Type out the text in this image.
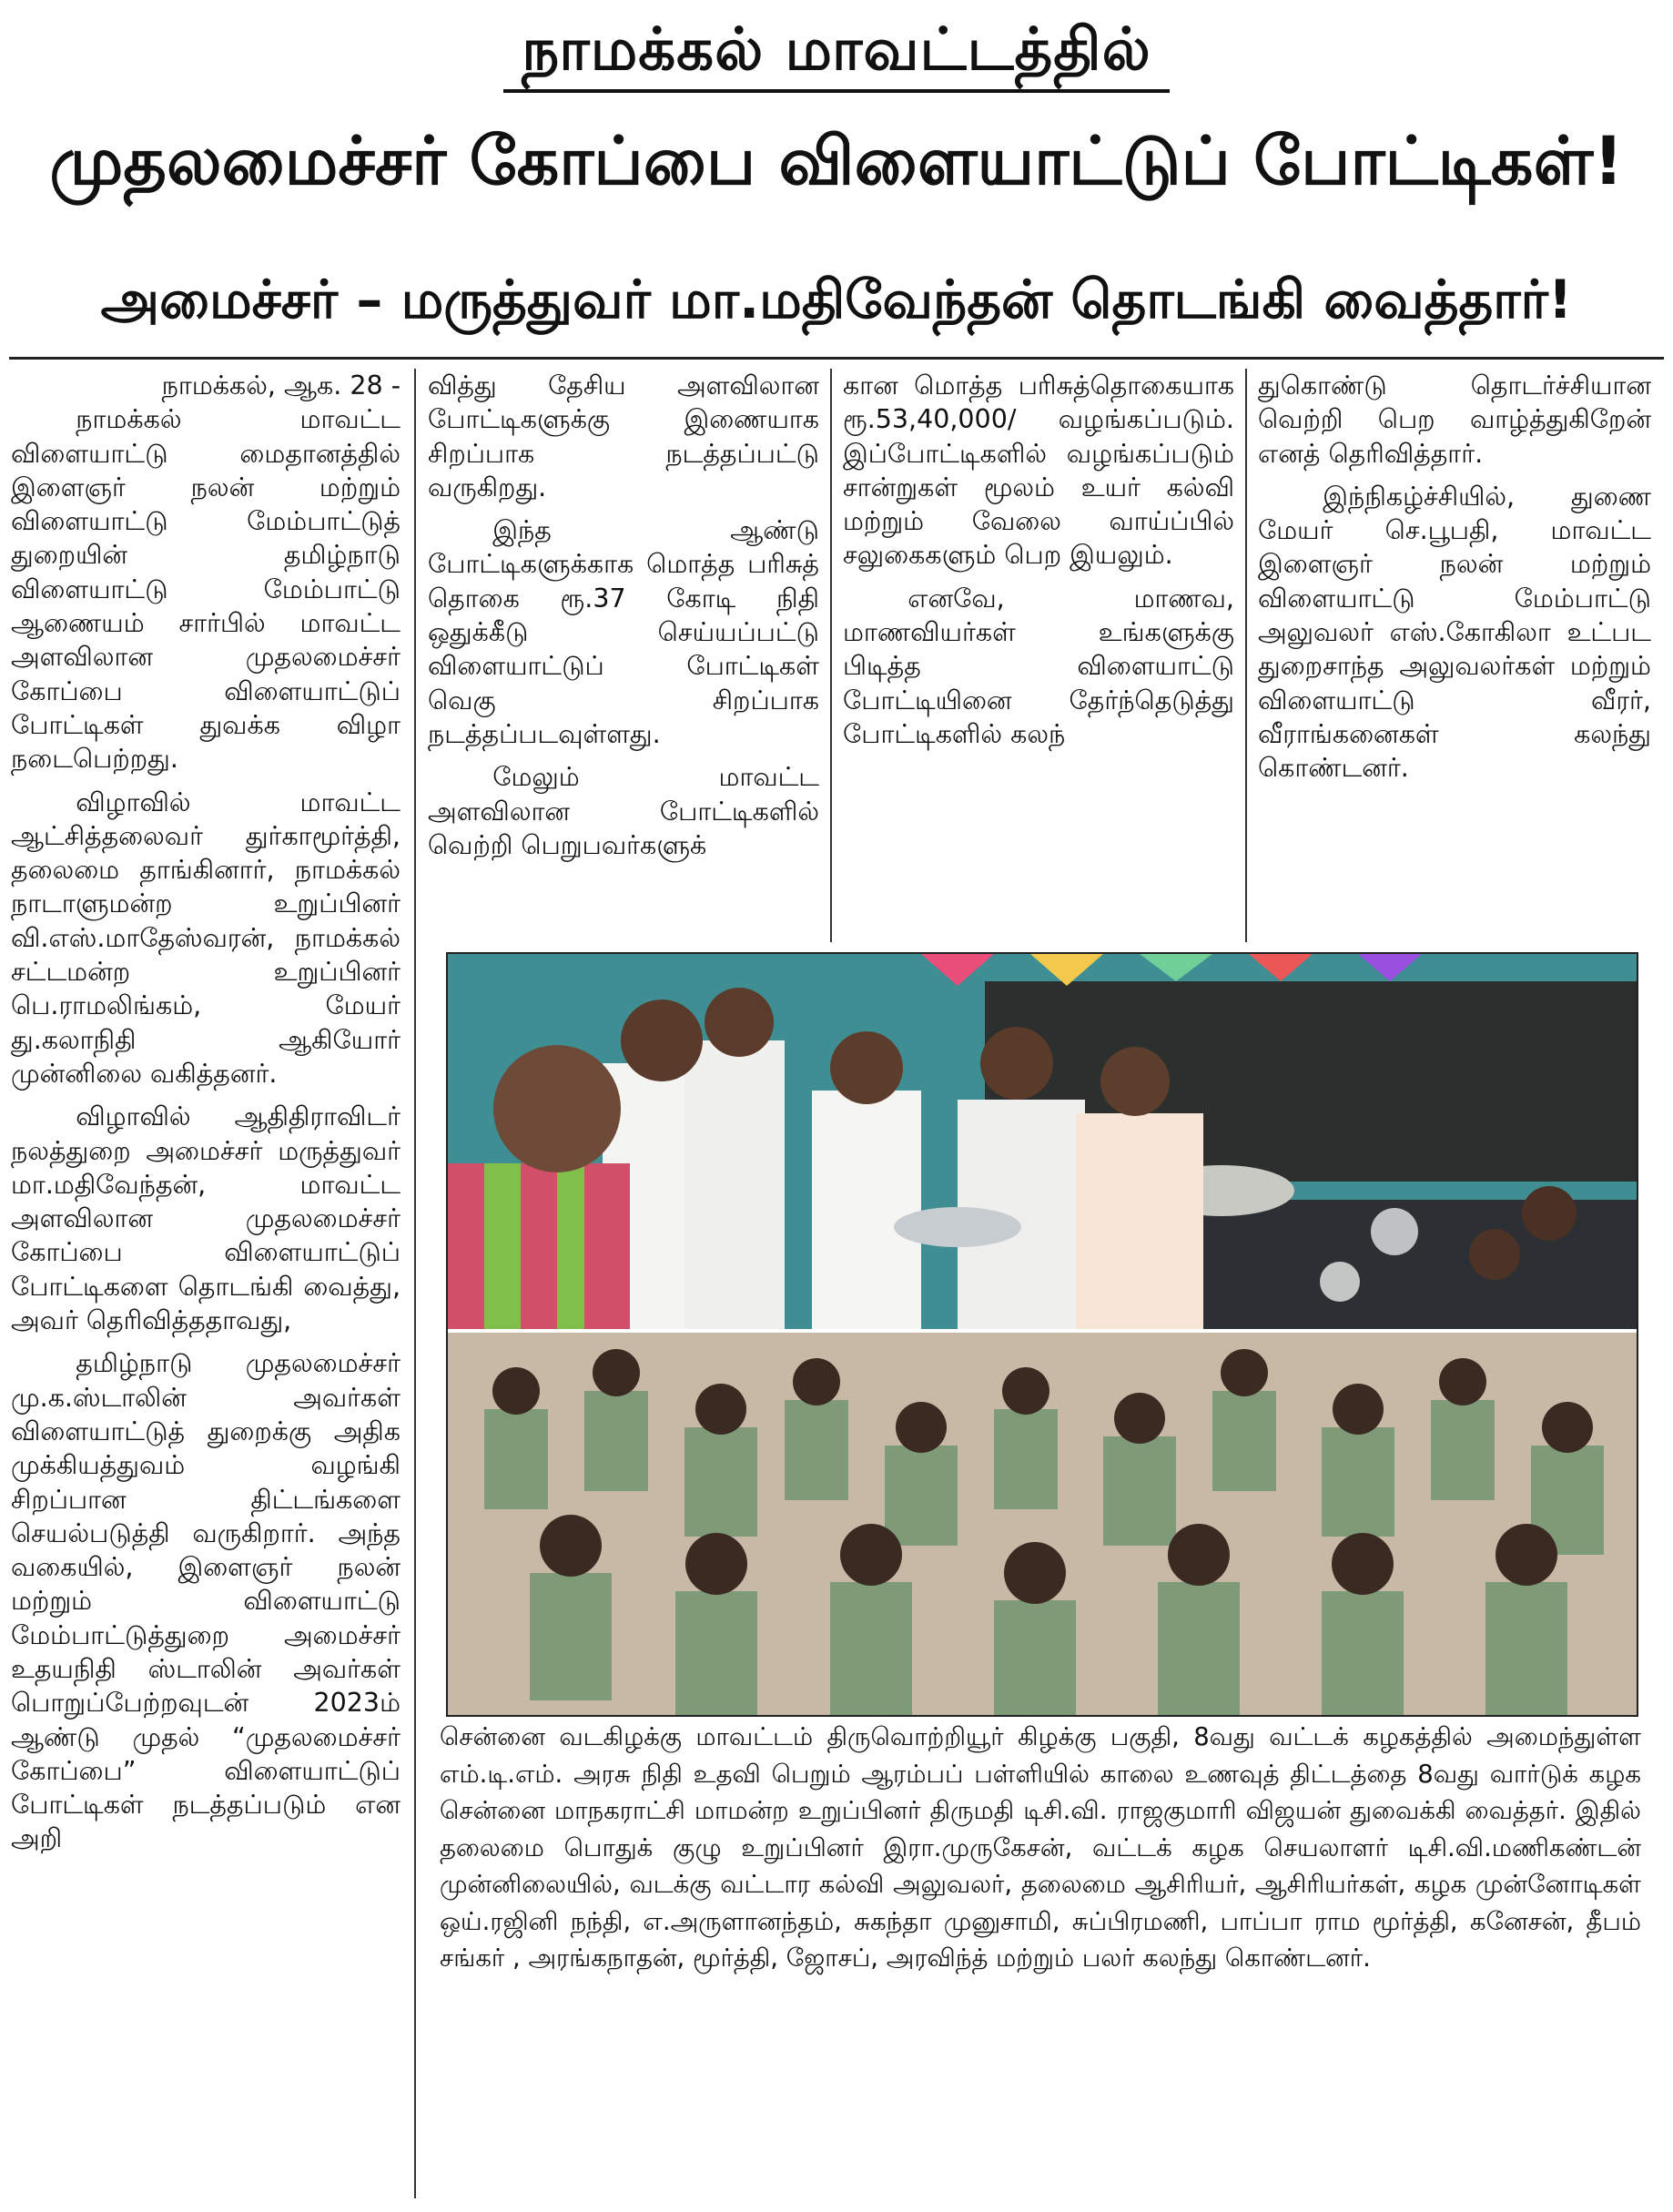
நாமக்கல் மாவட்டத்தில்
முதலமைச்சர் கோப்பை விளையாட்டுப் போட்டிகள்!
அமைச்சர் – மருத்துவர் மா.மதிவேந்தன் தொடங்கி வைத்தார்!
நாமக்கல், ஆக. 28 -

நாமக்கல் மாவட்ட விளையாட்டு மைதானத்தில் இளைஞர் நலன் மற்றும் விளையாட்டு மேம்பாட்டுத் துறையின் தமிழ்நாடு விளையாட்டு மேம்பாட்டு ஆணையம் சார்பில் மாவட்ட அளவிலான முதலமைச்சர் கோப்பை விளையாட்டுப் போட்டிகள் துவக்க விழா நடைபெற்றது.

விழாவில் மாவட்ட ஆட்சித்தலைவர் துர்காமூர்த்தி, தலைமை தாங்கினார், நாமக்கல் நாடாளுமன்ற உறுப்பினர் வி.எஸ்.மாதேஸ்வரன், நாமக்கல் சட்டமன்ற உறுப்பினர் பெ.ராமலிங்கம், மேயர் து.கலாநிதி ஆகியோர் முன்னிலை வகித்தனர்.

விழாவில் ஆதிதிராவிடர் நலத்துறை அமைச்சர் மருத்துவர் மா.மதிவேந்தன், மாவட்ட அளவிலான முதலமைச்சர் கோப்பை விளையாட்டுப் போட்டிகளை தொடங்கி வைத்து, அவர் தெரிவித்ததாவது,

தமிழ்நாடு முதலமைச்சர் மு.க.ஸ்டாலின் அவர்கள் விளையாட்டுத் துறைக்கு அதிக முக்கியத்துவம் வழங்கி சிறப்பான திட்டங்களை செயல்படுத்தி வருகிறார். அந்த வகையில், இளைஞர் நலன் மற்றும் விளையாட்டு மேம்பாட்டுத்துறை அமைச்சர் உதயநிதி ஸ்டாலின் அவர்கள் பொறுப்பேற்றவுடன் 2023ம் ஆண்டு முதல் “முதலமைச்சர் கோப்பை” விளையாட்டுப் போட்டிகள் நடத்தப்படும் என அறி

வித்து தேசிய அளவிலான போட்டிகளுக்கு இணையாக சிறப்பாக நடத்தப்பட்டு வருகிறது.

இந்த ஆண்டு போட்டிகளுக்காக மொத்த பரிசுத் தொகை ரூ.37 கோடி நிதி ஒதுக்கீடு செய்யப்பட்டு விளையாட்டுப் போட்டிகள் வெகு சிறப்பாக நடத்தப்படவுள்ளது.

மேலும் மாவட்ட அளவிலான போட்டிகளில் வெற்றி பெறுபவர்களுக்

கான மொத்த பரிசுத்தொகையாக ரூ.53,40,000/ வழங்கப்படும். இப்போட்டிகளில் வழங்கப்படும் சான்றுகள் மூலம் உயர் கல்வி மற்றும் வேலை வாய்ப்பில் சலுகைகளும் பெற இயலும்.

எனவே, மாணவ, மாணவியர்கள் உங்களுக்கு பிடித்த விளையாட்டு போட்டியினை தேர்ந்தெடுத்து போட்டிகளில் கலந்

துகொண்டு தொடர்ச்சியான வெற்றி பெற வாழ்த்துகிறேன் எனத் தெரிவித்தார்.

இந்நிகழ்ச்சியில், துணை மேயர் செ.பூபதி, மாவட்ட இளைஞர் நலன் மற்றும் விளையாட்டு மேம்பாட்டு அலுவலர் எஸ்.கோகிலா உட்பட துறைசாந்த அலுவலர்கள் மற்றும் விளையாட்டு வீரர், வீராங்கனைகள் கலந்து கொண்டனர்.

சென்னை வடகிழக்கு மாவட்டம் திருவொற்றியூர் கிழக்கு பகுதி, 8வது வட்டக் கழகத்தில் அமைந்துள்ள எம்.டி.எம். அரசு நிதி உதவி பெறும் ஆரம்பப் பள்ளியில் காலை உணவுத் திட்டத்தை 8வது வார்டுக் கழக சென்னை மாநகராட்சி மாமன்ற உறுப்பினர் திருமதி டிசி.வி. ராஜகுமாரி விஜயன் துவைக்கி வைத்தர். இதில் தலைமை பொதுக் குழு உறுப்பினர் இரா.முருகேசன், வட்டக் கழக செயலாளர் டிசி.வி.மணிகண்டன் முன்னிலையில், வடக்கு வட்டார கல்வி அலுவலர், தலைமை ஆசிரியர், ஆசிரியர்கள், கழக முன்னோடிகள் ஒய்.ரஜினி நந்தி, எ.அருளானந்தம், சுகந்தா முனுசாமி, சுப்பிரமணி, பாப்பா ராம மூர்த்தி, கனேசன், தீபம் சங்கர் , அரங்கநாதன், மூர்த்தி, ஜோசப், அரவிந்த் மற்றும் பலர் கலந்து கொண்டனர்.
